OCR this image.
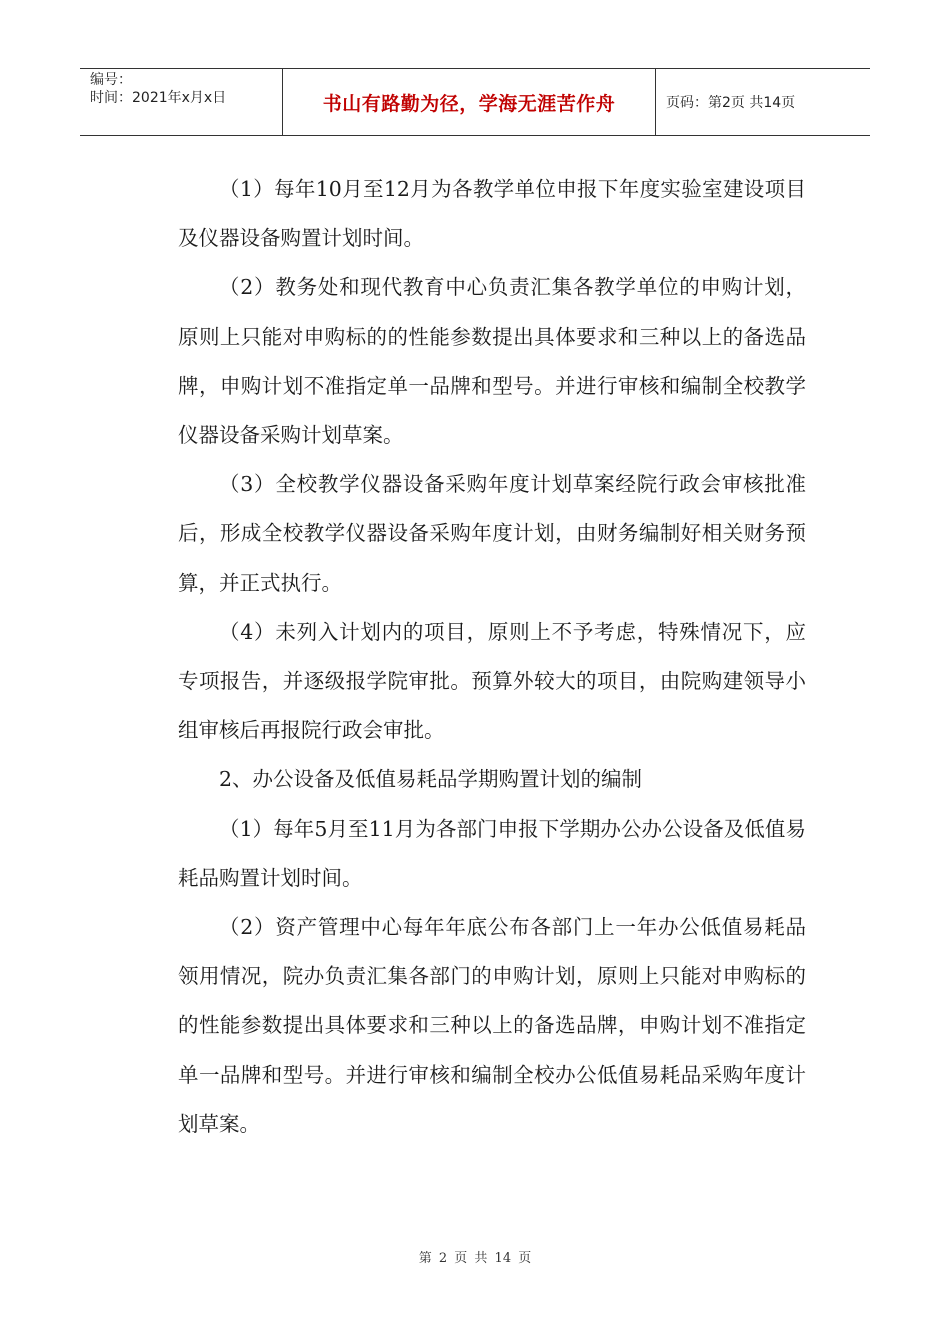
编号：
时间：2021年x月x日	书山有路勤为径，学海无涯苦作舟	页码：第2页 共14页

（1）每年10月至12月为各教学单位申报下年度实验室建设项目及仪器设备购置计划时间。

（2）教务处和现代教育中心负责汇集各教学单位的申购计划，原则上只能对申购标的的性能参数提出具体要求和三种以上的备选品牌，申购计划不准指定单一品牌和型号。并进行审核和编制全校教学仪器设备采购计划草案。

（3）全校教学仪器设备采购年度计划草案经院行政会审核批准后，形成全校教学仪器设备采购年度计划，由财务编制好相关财务预算，并正式执行。

（4）未列入计划内的项目，原则上不予考虑，特殊情况下，应专项报告，并逐级报学院审批。预算外较大的项目，由院购建领导小组审核后再报院行政会审批。

2、办公设备及低值易耗品学期购置计划的编制

（1）每年5月至11月为各部门申报下学期办公办公设备及低值易耗品购置计划时间。

（2）资产管理中心每年年底公布各部门上一年办公低值易耗品领用情况，院办负责汇集各部门的申购计划，原则上只能对申购标的的性能参数提出具体要求和三种以上的备选品牌，申购计划不准指定单一品牌和型号。并进行审核和编制全校办公低值易耗品采购年度计划草案。

第 2 页 共 14 页
